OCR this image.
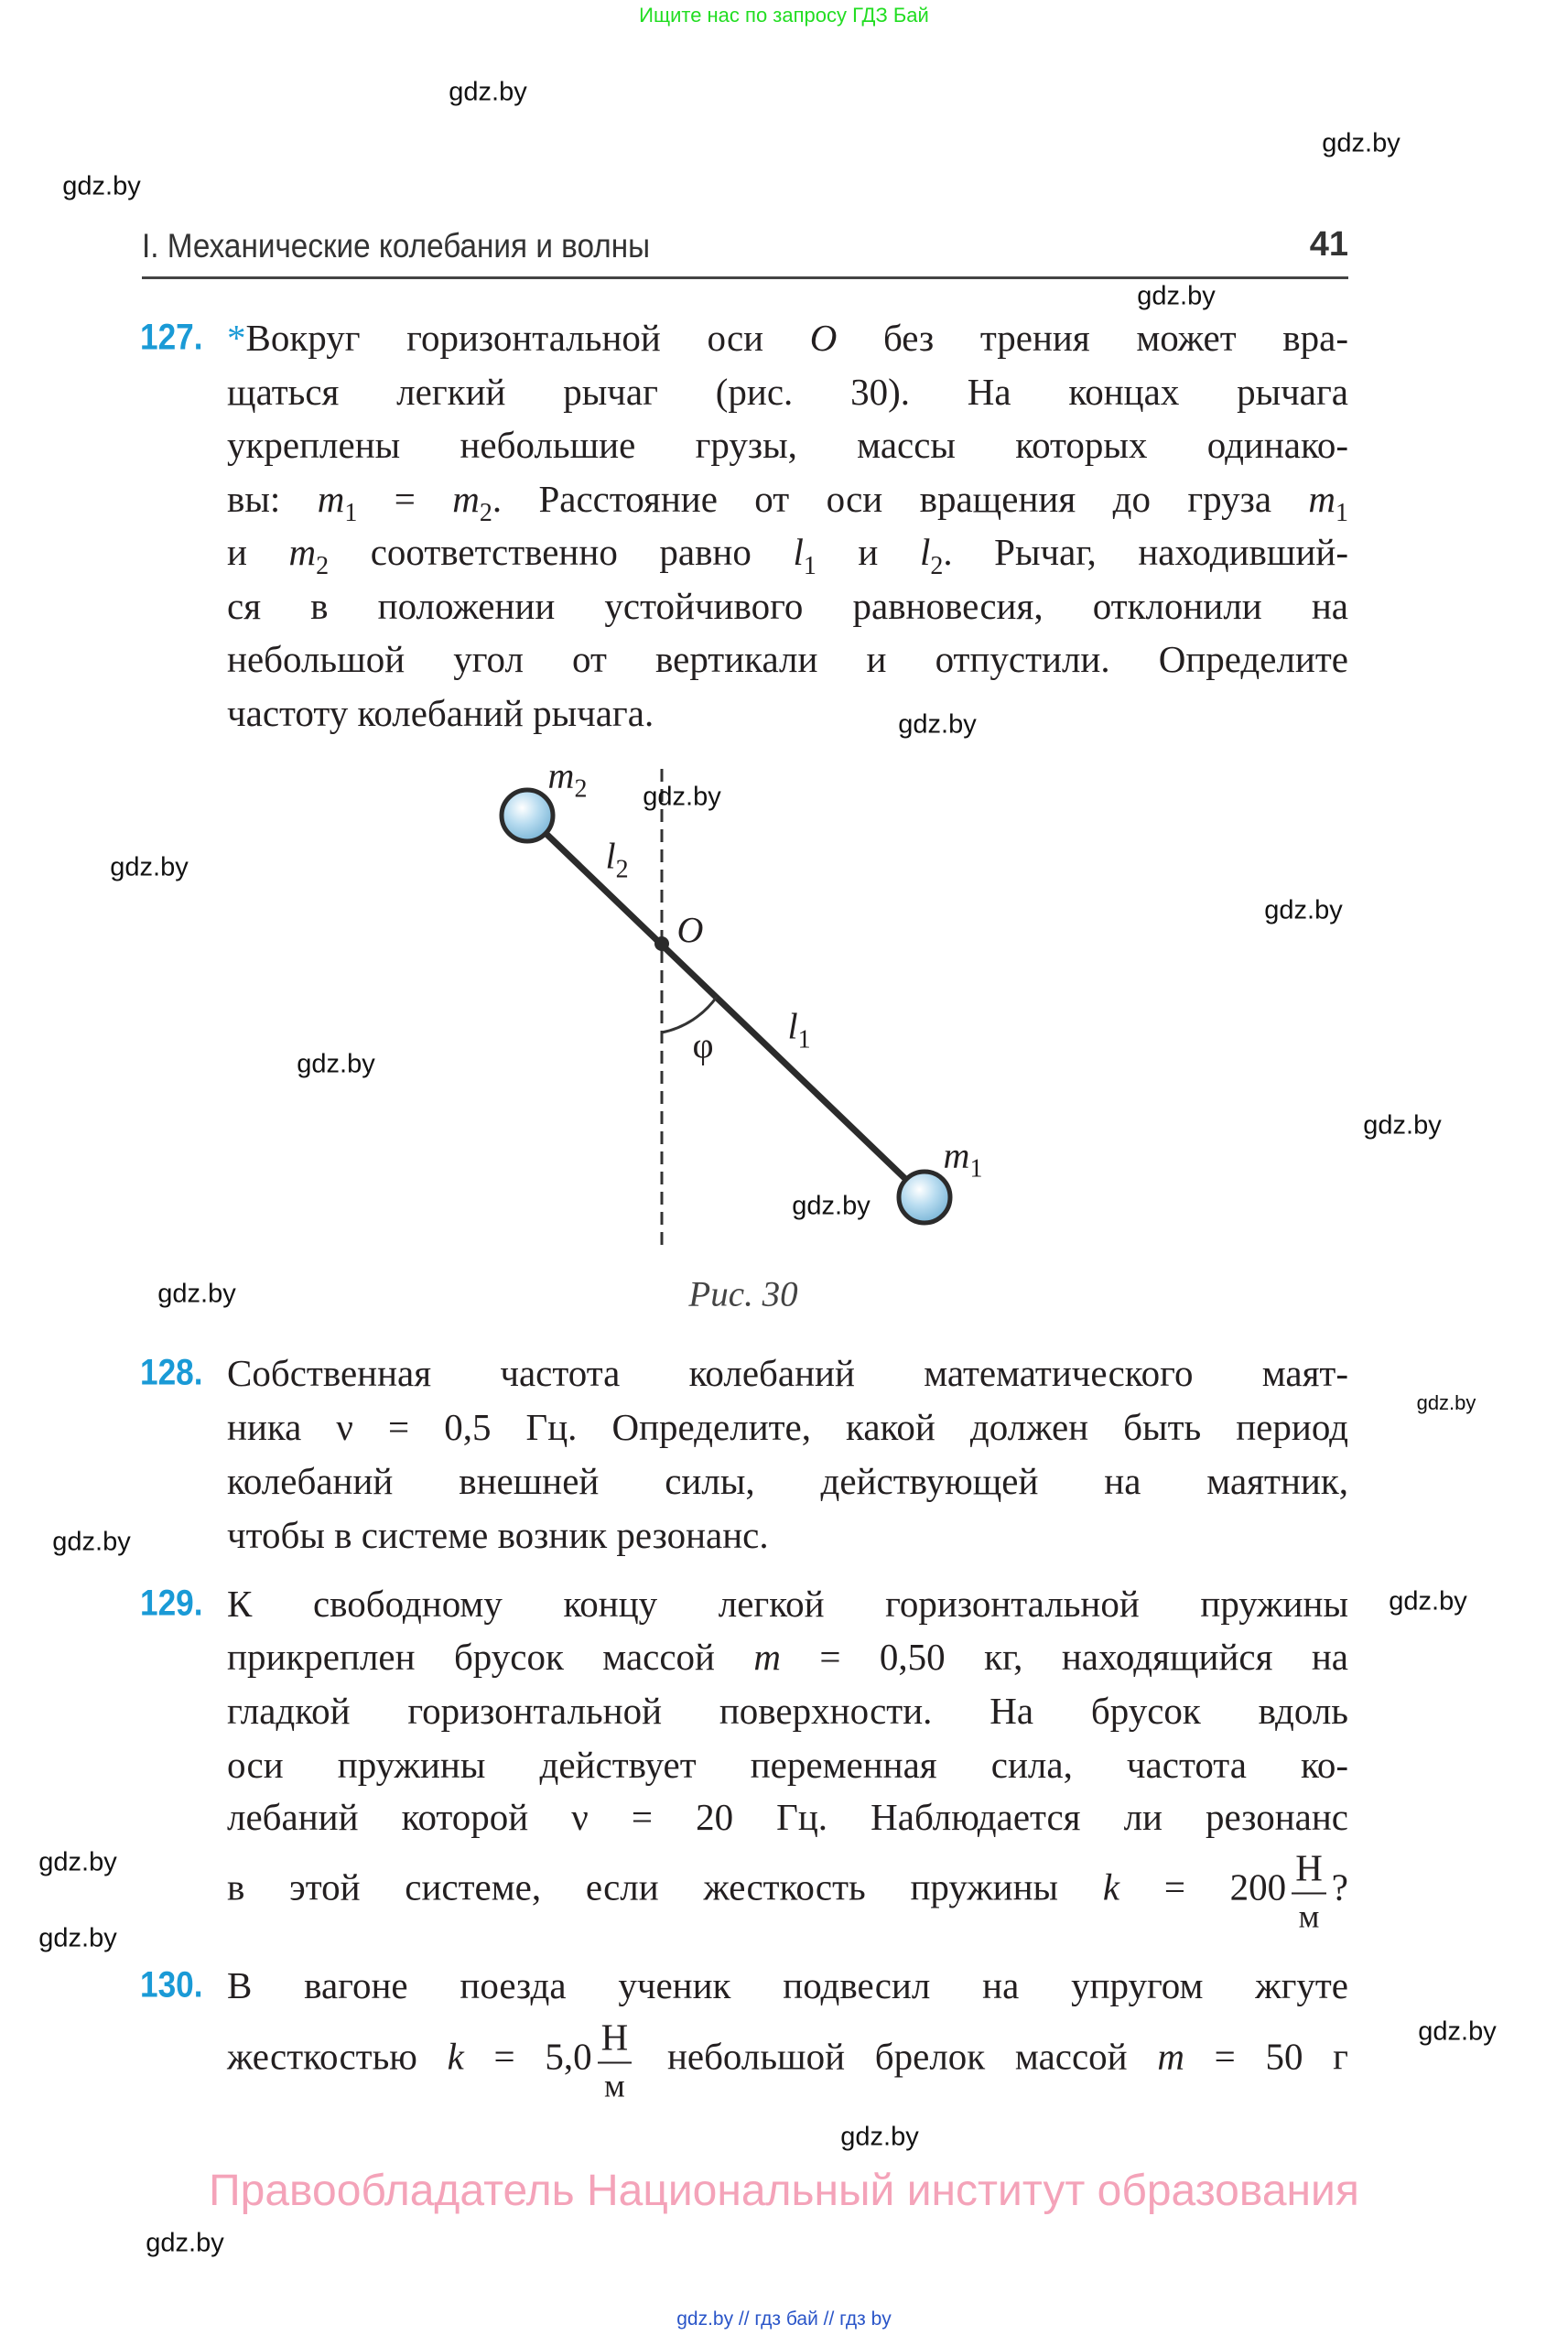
Ищите нас по запросу ГДЗ Бай
I. Механические колебания и волны	41
127. *Вокруг горизонтальной оси O без трения может вра-
щаться легкий рычаг (рис. 30). На концах рычага
укреплены небольшие грузы, массы которых одинако-
вы: $m_1 = m_2$. Расстояние от оси вращения до груза $m_1$
и $m_2$ соответственно равно $l_1$ и $l_2$. Рычаг, находивший-
ся в положении устойчивого равновесия, отклонили на
небольшой угол от вертикали и отпустили. Определите
частоту колебаний рычага.
128. Собственная частота колебаний математического маят-
ника ν = 0,5 Гц. Определите, какой должен быть период
колебаний внешней силы, действующей на маятник,
чтобы в системе возник резонанс.
129. К свободному концу легкой горизонтальной пружины
прикреплен брусок массой m = 0,50 кг, находящийся на
гладкой горизонтальной поверхности. На брусок вдоль
оси пружины действует переменная сила, частота ко-
лебаний которой ν = 20 Гц. Наблюдается ли резонанс
в этой системе, если жесткость пружины $k = 200 \frac{Н}{м}$ ?
130. В вагоне поезда ученик подвесил на упругом жгуте
жесткостью $k = 5,0 \frac{Н}{м}$ небольшой брелок массой m = 50 г
$m_2$
$l_2$
O
φ $l_1$
$m_1$
Рис. 30
gdz.by
gdz.by
gdz.by
gdz.by
gdz.by
gdz.by
gdz.by
gdz.by
gdz.by
gdz.by
gdz.by
gdz.by
gdz.by
gdz.by
gdz.by
gdz.by
gdz.by
gdz.by
gdz.by
gdz.by
Правообладатель Национальный институт образования
gdz.by // гдз бай // гдз by
